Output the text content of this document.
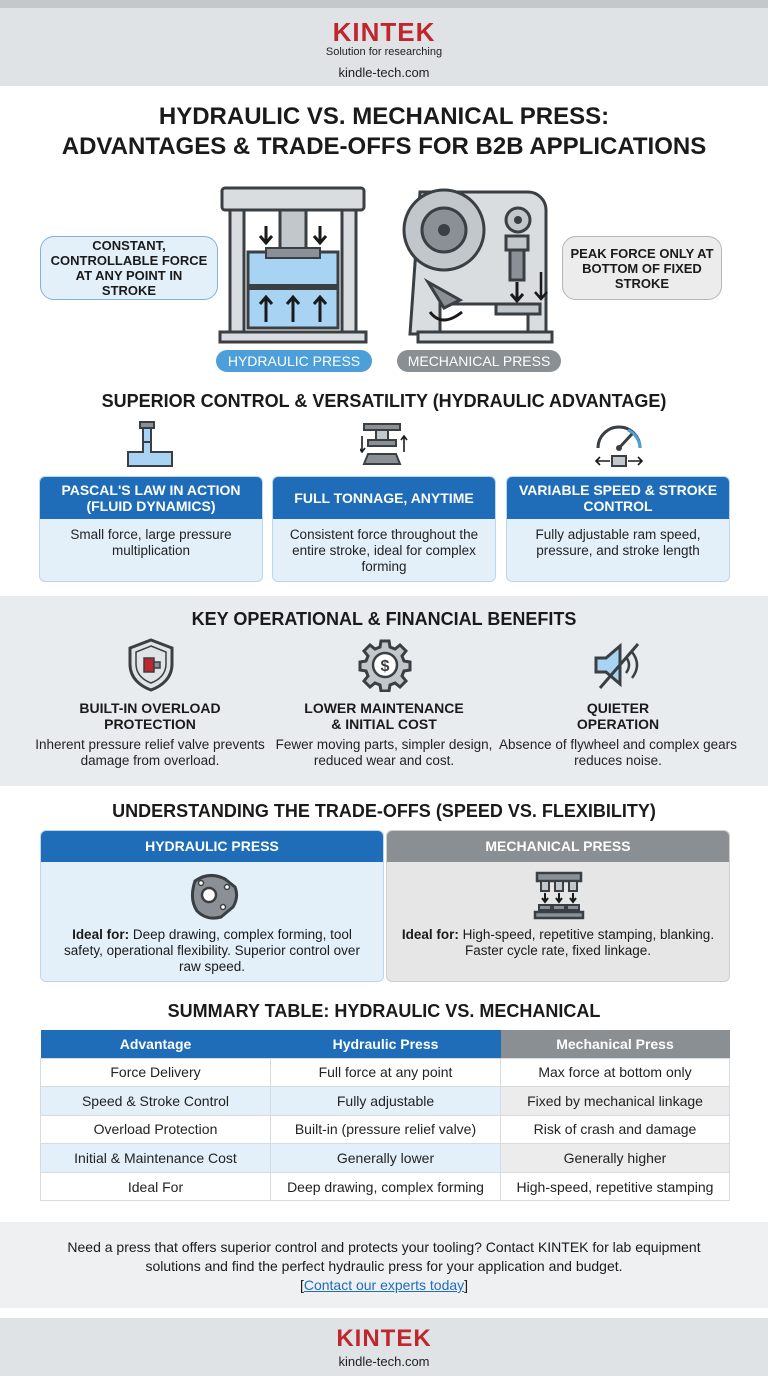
KINTEK
Solution for researching
kindle-tech.com
HYDRAULIC VS. MECHANICAL PRESS:
ADVANTAGES & TRADE-OFFS FOR B2B APPLICATIONS
CONSTANT, CONTROLLABLE FORCE AT ANY POINT IN STROKE
PEAK FORCE ONLY AT BOTTOM OF FIXED STROKE
HYDRAULIC PRESS	MECHANICAL PRESS
SUPERIOR CONTROL & VERSATILITY (HYDRAULIC ADVANTAGE)
PASCAL'S LAW IN ACTION (FLUID DYNAMICS)
Small force, large pressure multiplication
FULL TONNAGE, ANYTIME
Consistent force throughout the entire stroke, ideal for complex forming
VARIABLE SPEED & STROKE CONTROL
Fully adjustable ram speed, pressure, and stroke length
KEY OPERATIONAL & FINANCIAL BENEFITS
$
BUILT-IN OVERLOAD
PROTECTION
Inherent pressure relief valve prevents damage from overload.
LOWER MAINTENANCE
& INITIAL COST
Fewer moving parts, simpler design, reduced wear and cost.
QUIETER
OPERATION
Absence of flywheel and complex gears reduces noise.
UNDERSTANDING THE TRADE-OFFS (SPEED VS. FLEXIBILITY)
HYDRAULIC PRESS
Ideal for: Deep drawing, complex forming, tool safety, operational flexibility. Superior control over raw speed.
MECHANICAL PRESS
Ideal for: High-speed, repetitive stamping, blanking. Faster cycle rate, fixed linkage.
SUMMARY TABLE: HYDRAULIC VS. MECHANICAL
Advantage	Hydraulic Press	Mechanical Press
Force Delivery	Full force at any point	Max force at bottom only
Speed & Stroke Control	Fully adjustable	Fixed by mechanical linkage
Overload Protection	Built-in (pressure relief valve)	Risk of crash and damage
Initial & Maintenance Cost	Generally lower	Generally higher
Ideal For	Deep drawing, complex forming	High-speed, repetitive stamping
Need a press that offers superior control and protects your tooling? Contact KINTEK for lab equipment solutions and find the perfect hydraulic press for your application and budget.
[Contact our experts today]
KINTEK
kindle-tech.com
